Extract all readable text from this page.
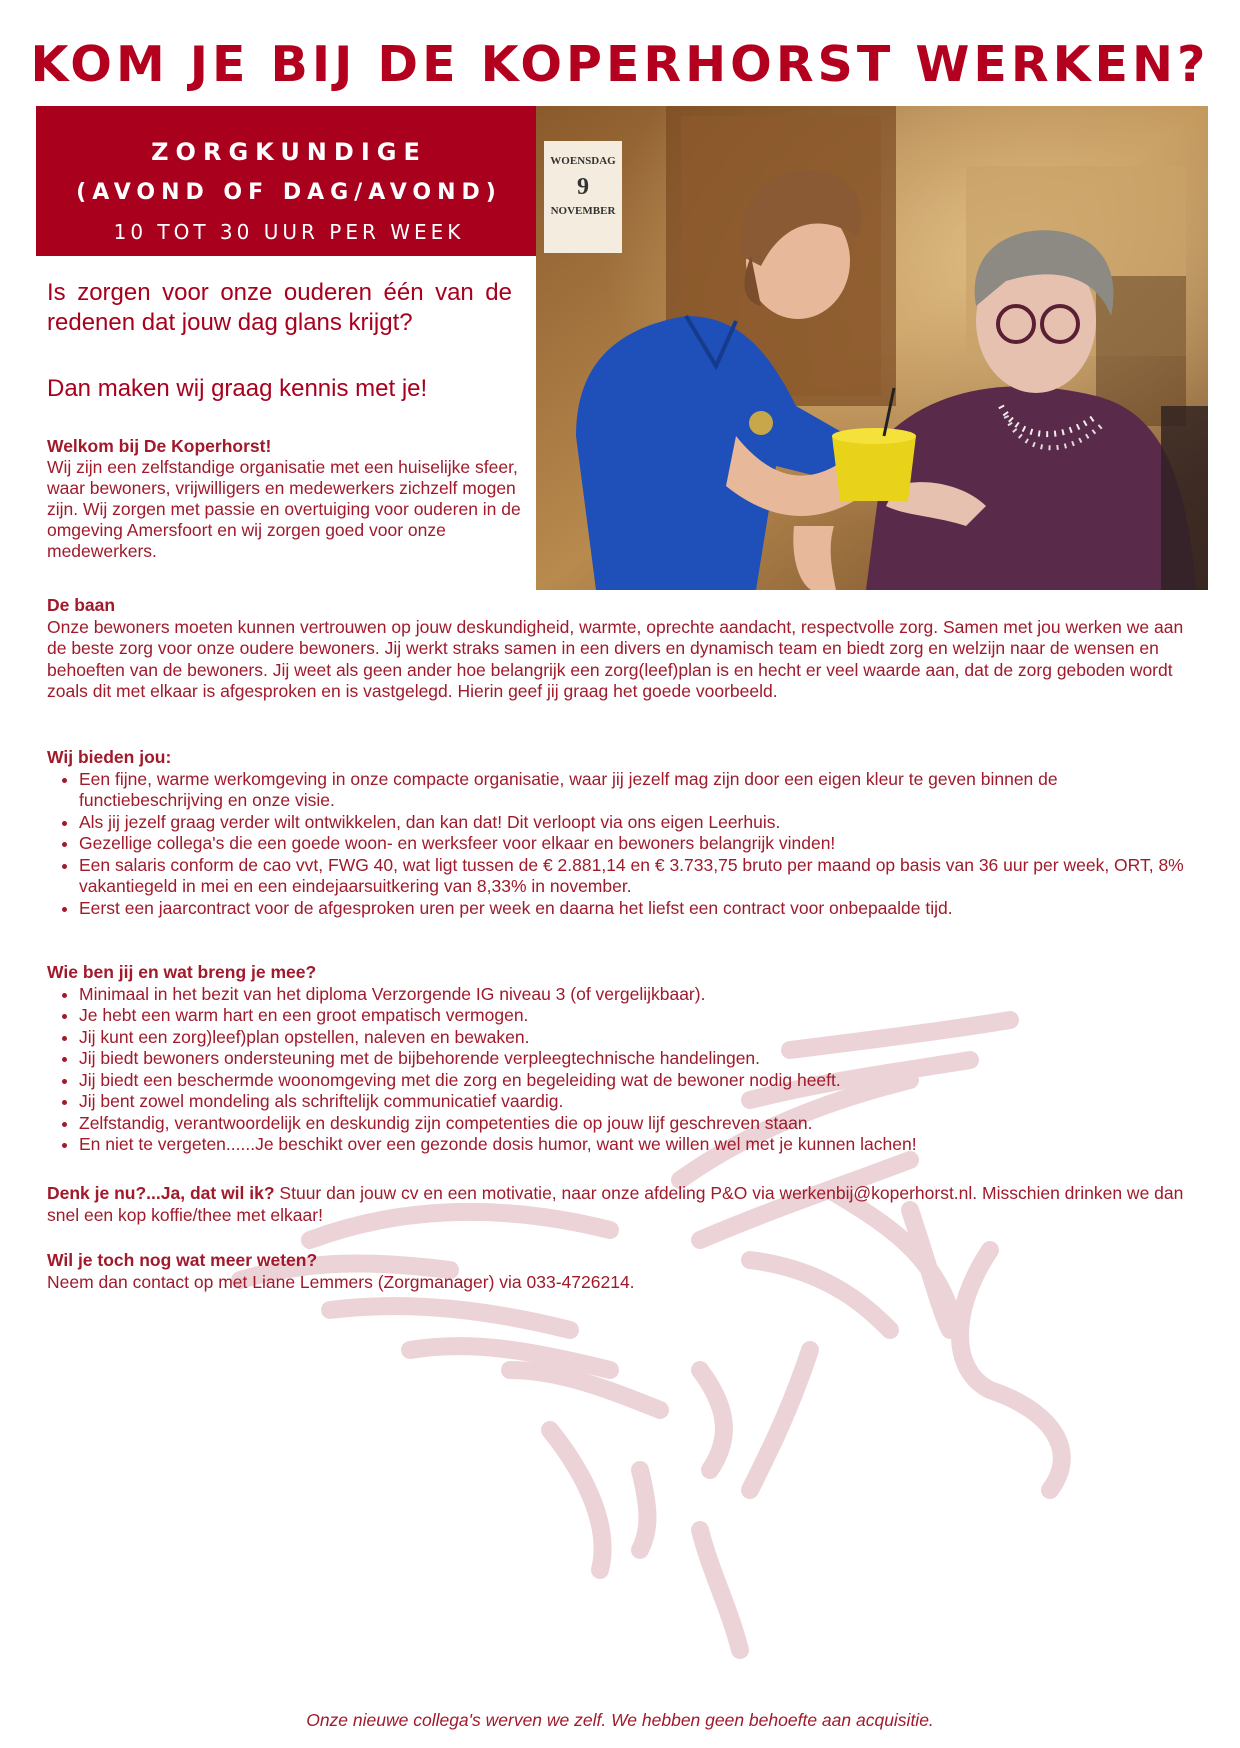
KOM JE BIJ DE KOPERHORST WERKEN?
ZORGKUNDIGE
(AVOND OF DAG/AVOND)
10 TOT 30 UUR PER WEEK
WOENSDAG
9
NOVEMBER

Is zorgen voor onze ouderen één van de redenen dat jouw dag glans krijgt?

Dan maken wij graag kennis met je!

Welkom bij De Koperhorst!
Wij zijn een zelfstandige organisatie met een huiselijke sfeer, waar bewoners, vrijwilligers en medewerkers zichzelf mogen zijn. Wij zorgen met passie en overtuiging voor ouderen in de omgeving Amersfoort en wij zorgen goed voor onze medewerkers.
De baan
Onze bewoners moeten kunnen vertrouwen op jouw deskundigheid, warmte, oprechte aandacht, respectvolle zorg. Samen met jou werken we aan de beste zorg voor onze oudere bewoners. Jij werkt straks samen in een divers en dynamisch team en biedt zorg en welzijn naar de wensen en behoeften van de bewoners. Jij weet als geen ander hoe belangrijk een zorg(leef)plan is en hecht er veel waarde aan, dat de zorg geboden wordt zoals dit met elkaar is afgesproken en is vastgelegd. Hierin geef jij graag het goede voorbeeld.
Wij bieden jou:
• Een fijne, warme werkomgeving in onze compacte organisatie, waar jij jezelf mag zijn door een eigen kleur te geven binnen de functiebeschrijving en onze visie.
• Als jij jezelf graag verder wilt ontwikkelen, dan kan dat! Dit verloopt via ons eigen Leerhuis.
• Gezellige collega's die een goede woon- en werksfeer voor elkaar en bewoners belangrijk vinden!
• Een salaris conform de cao vvt, FWG 40, wat ligt tussen de € 2.881,14 en € 3.733,75 bruto per maand op basis van 36 uur per week, ORT, 8% vakantiegeld in mei en een eindejaarsuitkering van 8,33% in november.
• Eerst een jaarcontract voor de afgesproken uren per week en daarna het liefst een contract voor onbepaalde tijd.
Wie ben jij en wat breng je mee?
• Minimaal in het bezit van het diploma Verzorgende IG niveau 3 (of vergelijkbaar).
• Je hebt een warm hart en een groot empatisch vermogen.
• Jij kunt een zorg)leef)plan opstellen, naleven en bewaken.
• Jij biedt bewoners ondersteuning met de bijbehorende verpleegtechnische handelingen.
• Jij biedt een beschermde woonomgeving met die zorg en begeleiding wat de bewoner nodig heeft.
• Jij bent zowel mondeling als schriftelijk communicatief vaardig.
• Zelfstandig, verantwoordelijk en deskundig zijn competenties die op jouw lijf geschreven staan.
• En niet te vergeten......Je beschikt over een gezonde dosis humor, want we willen wel met je kunnen lachen!
Denk je nu?...Ja, dat wil ik? Stuur dan jouw cv en een motivatie, naar onze afdeling P&O via werkenbij@koperhorst.nl. Misschien drinken we dan snel een kop koffie/thee met elkaar!
Wil je toch nog wat meer weten?
Neem dan contact op met Liane Lemmers (Zorgmanager) via 033-4726214.
Onze nieuwe collega's werven we zelf. We hebben geen behoefte aan acquisitie.
